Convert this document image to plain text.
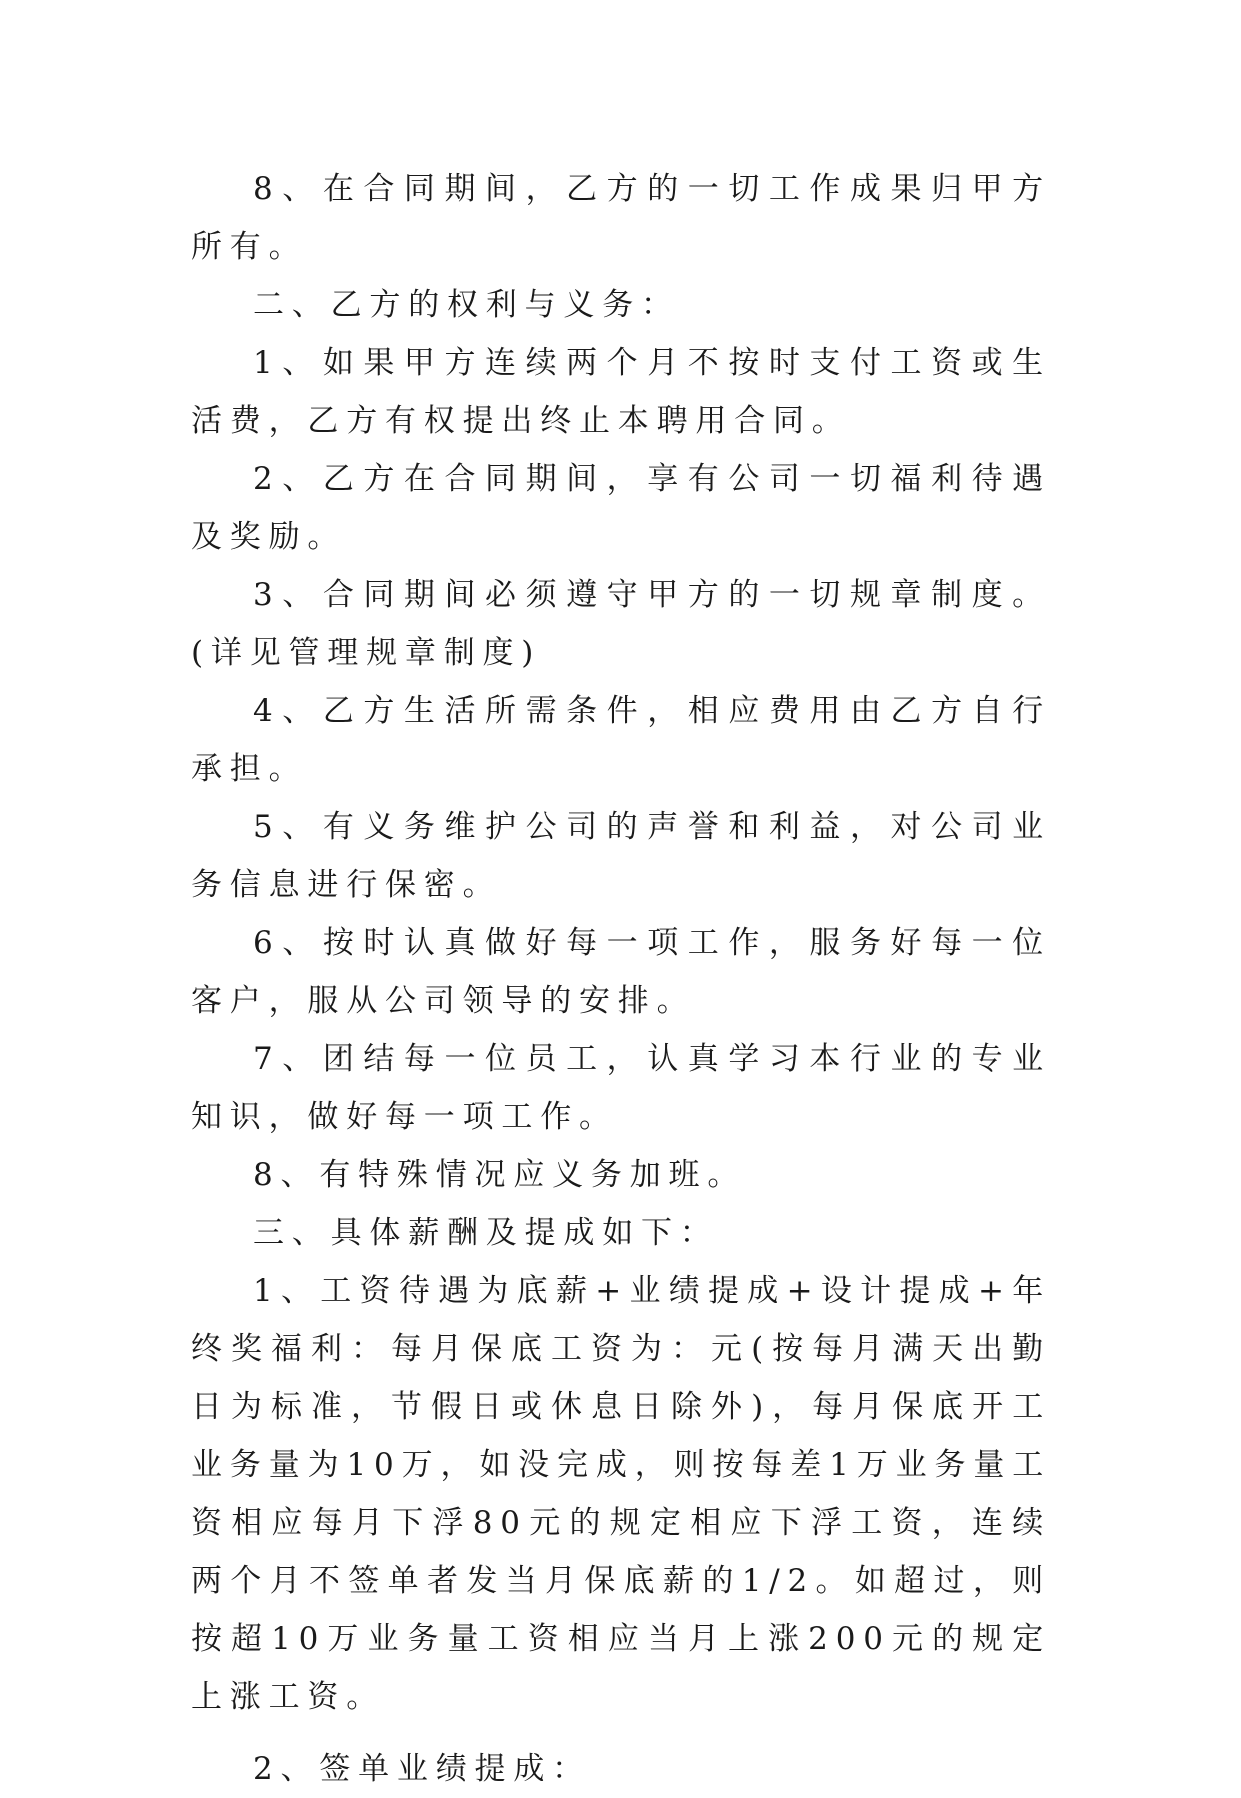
8、在合同期间，乙方的一切工作成果归甲方所有。

二、乙方的权利与义务：

1、如果甲方连续两个月不按时支付工资或生活费，乙方有权提出终止本聘用合同。

2、乙方在合同期间，享有公司一切福利待遇及奖励。

3、合同期间必须遵守甲方的一切规章制度。(详见管理规章制度)

4、乙方生活所需条件，相应费用由乙方自行承担。

5、有义务维护公司的声誉和利益，对公司业务信息进行保密。

6、按时认真做好每一项工作，服务好每一位客户，服从公司领导的安排。

7、团结每一位员工，认真学习本行业的专业知识，做好每一项工作。

8、有特殊情况应义务加班。

三、具体薪酬及提成如下：

1、工资待遇为底薪+业绩提成+设计提成+年终奖福利：每月保底工资为：元(按每月满天出勤日为标准，节假日或休息日除外)，每月保底开工业务量为10万，如没完成，则按每差1万业务量工资相应每月下浮80元的规定相应下浮工资，连续两个月不签单者发当月保底薪的1/2。如超过，则按超10万业务量工资相应当月上涨200元的规定上涨工资。

2、签单业绩提成：
